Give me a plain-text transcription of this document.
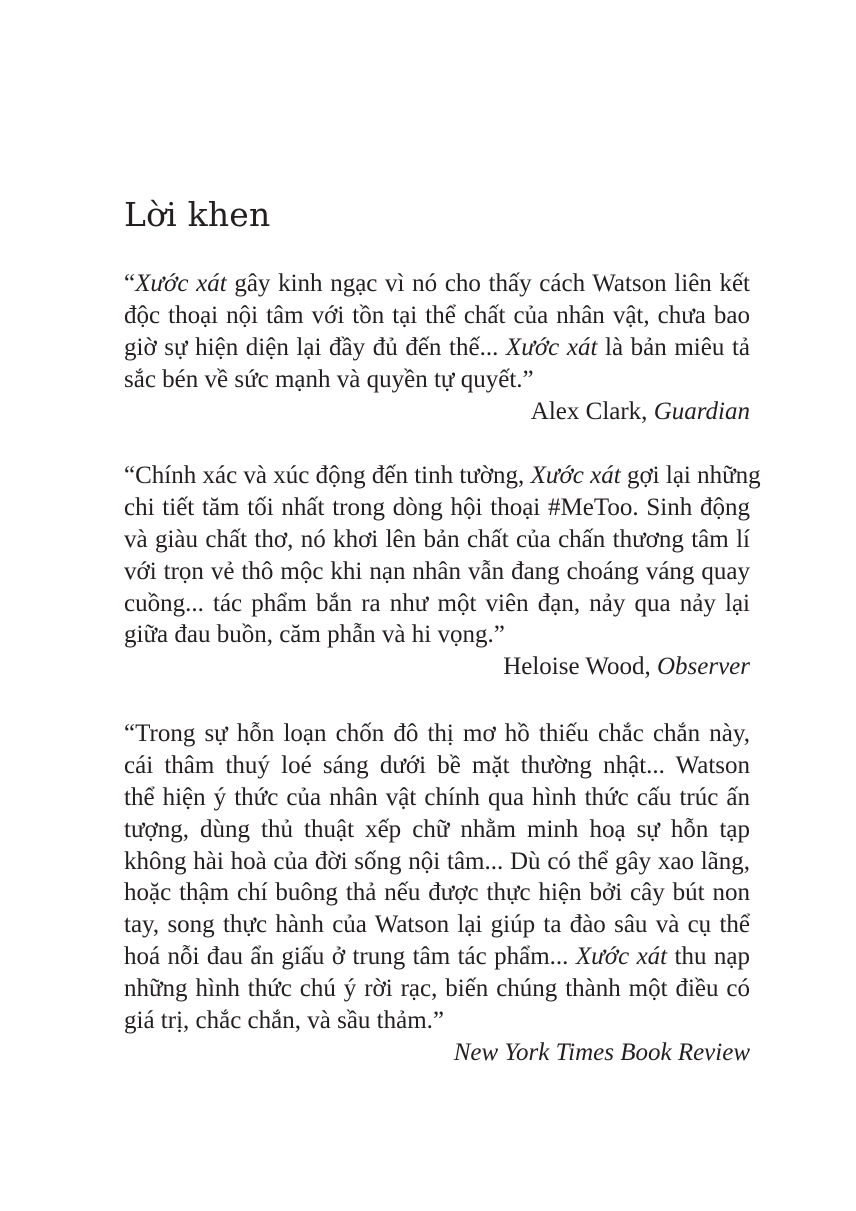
Lời khen
“Xước xát gây kinh ngạc vì nó cho thấy cách Watson liên kết
độc thoại nội tâm với tồn tại thể chất của nhân vật, chưa bao
giờ sự hiện diện lại đầy đủ đến thế... Xước xát là bản miêu tả
sắc bén về sức mạnh và quyền tự quyết.”
Alex Clark, Guardian
“Chính xác và xúc động đến tinh tường, Xước xát gợi lại những
chi tiết tăm tối nhất trong dòng hội thoại #MeToo. Sinh động
và giàu chất thơ, nó khơi lên bản chất của chấn thương tâm lí
với trọn vẻ thô mộc khi nạn nhân vẫn đang choáng váng quay
cuồng... tác phẩm bắn ra như một viên đạn, nảy qua nảy lại
giữa đau buồn, căm phẫn và hi vọng.”
Heloise Wood, Observer
“Trong sự hỗn loạn chốn đô thị mơ hồ thiếu chắc chắn này,
cái thâm thuý loé sáng dưới bề mặt thường nhật... Watson
thể hiện ý thức của nhân vật chính qua hình thức cấu trúc ấn
tượng, dùng thủ thuật xếp chữ nhằm minh hoạ sự hỗn tạp
không hài hoà của đời sống nội tâm... Dù có thể gây xao lãng,
hoặc thậm chí buông thả nếu được thực hiện bởi cây bút non
tay, song thực hành của Watson lại giúp ta đào sâu và cụ thể
hoá nỗi đau ẩn giấu ở trung tâm tác phẩm... Xước xát thu nạp
những hình thức chú ý rời rạc, biến chúng thành một điều có
giá trị, chắc chắn, và sầu thảm.”
New York Times Book Review
